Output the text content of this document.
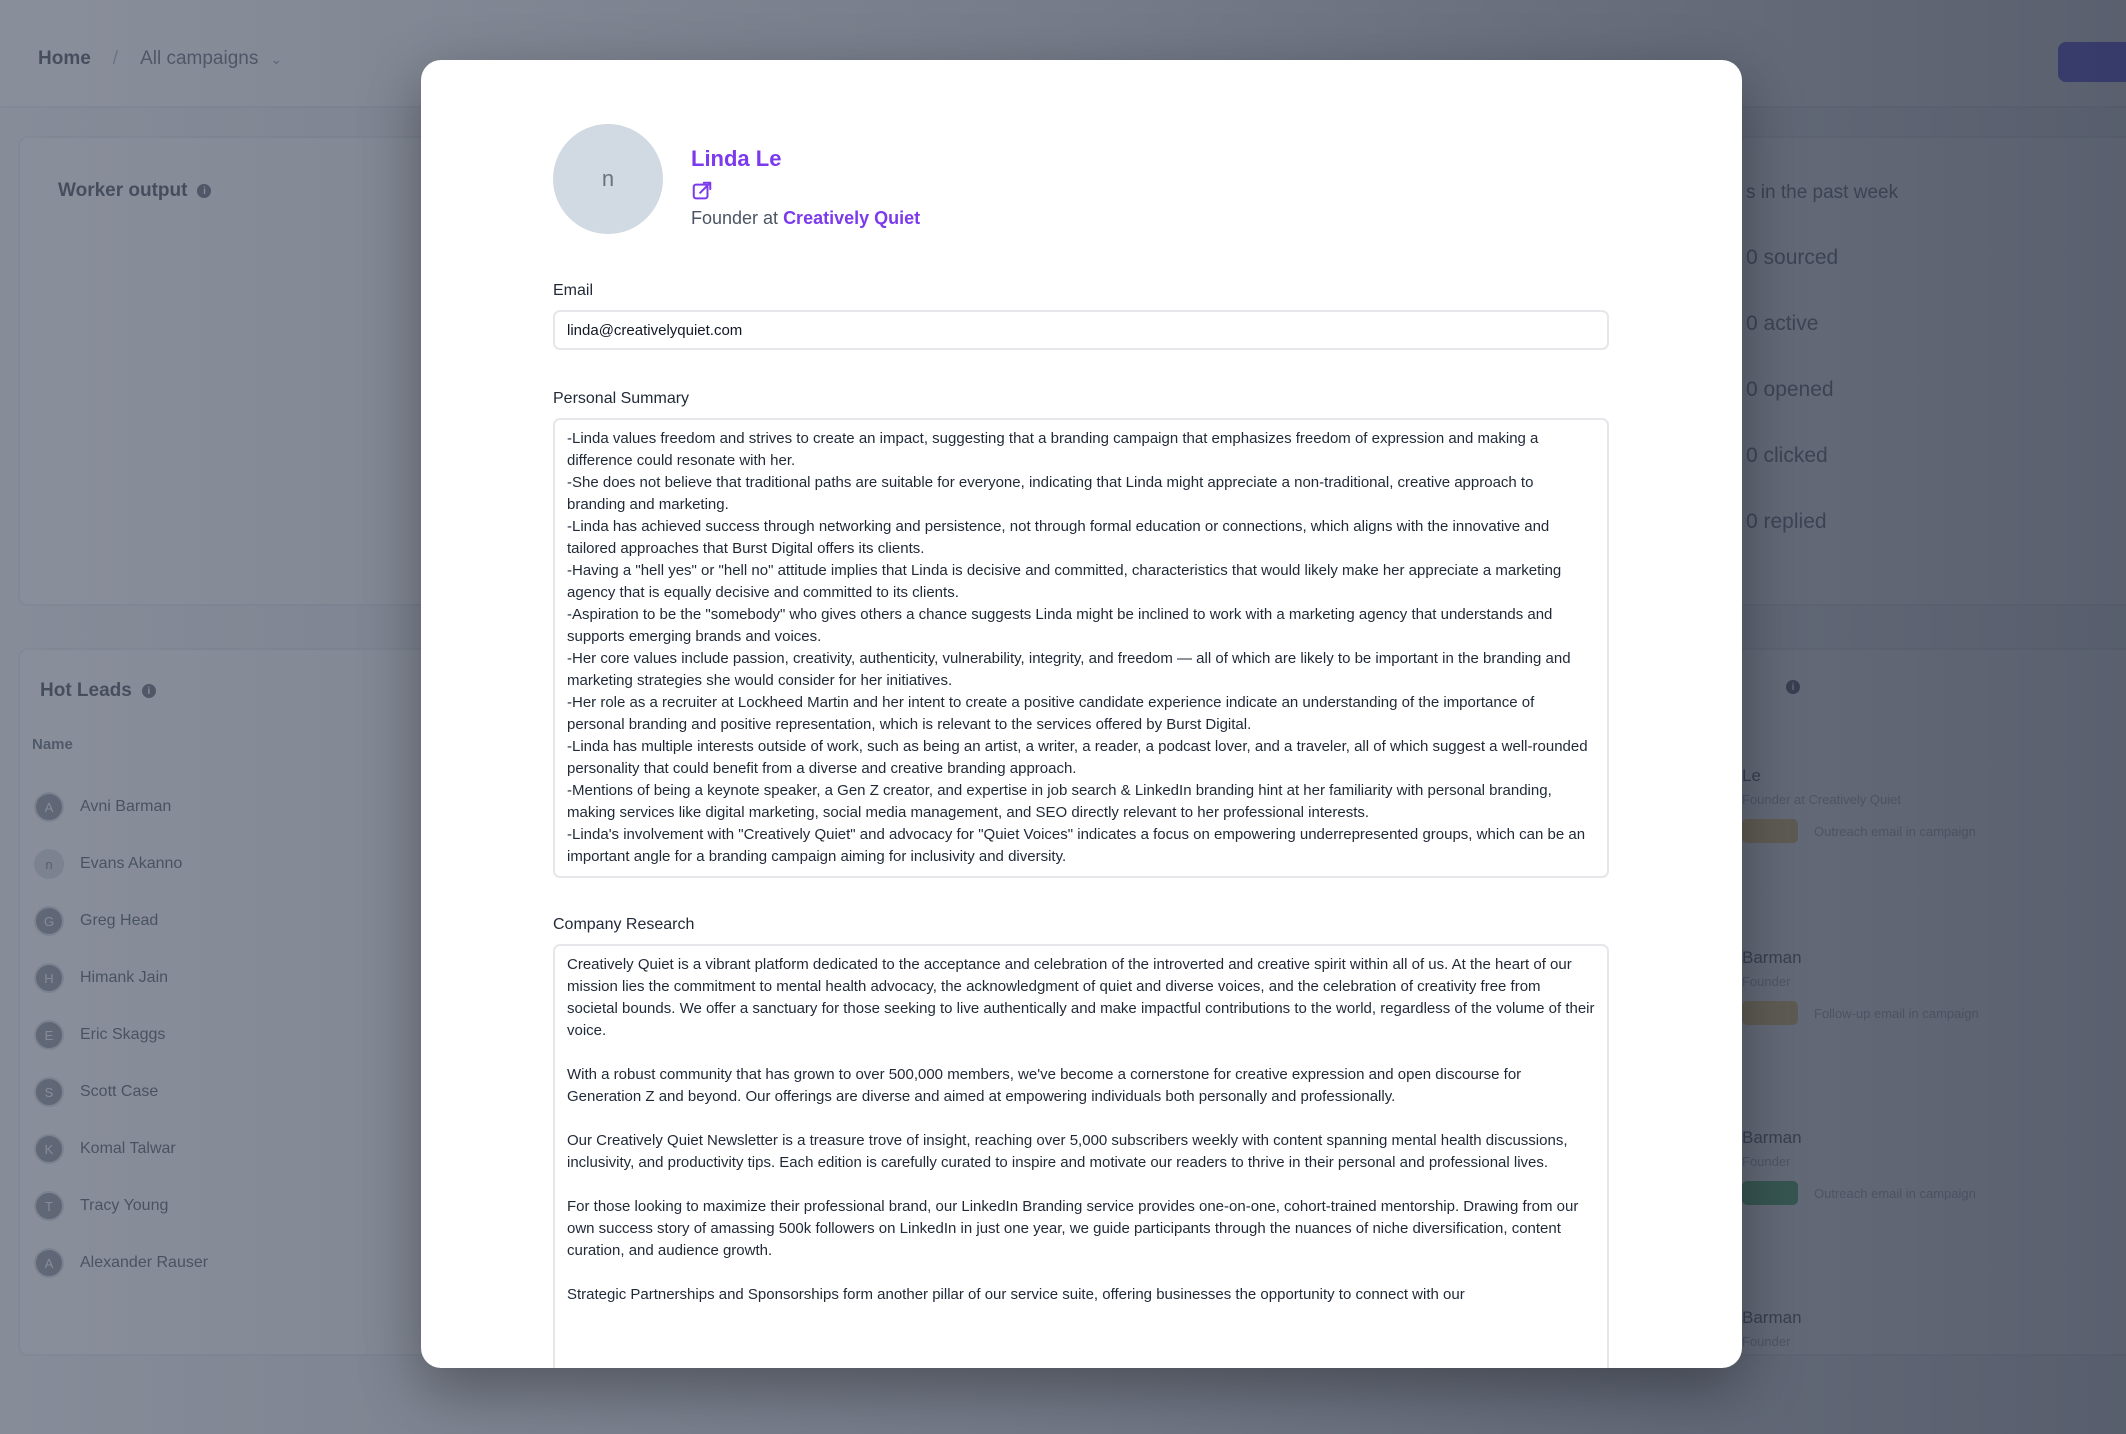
n
Linda Le
Founder at Creatively Quiet
Email
linda@creativelyquiet.com
Personal Summary
-Linda values freedom and strives to create an impact, suggesting that a branding campaign that emphasizes freedom of expression and making a difference could resonate with her.
-She does not believe that traditional paths are suitable for everyone, indicating that Linda might appreciate a non-traditional, creative approach to branding and marketing.
-Linda has achieved success through networking and persistence, not through formal education or connections, which aligns with the innovative and tailored approaches that Burst Digital offers its clients.
-Having a "hell yes" or "hell no" attitude implies that Linda is decisive and committed, characteristics that would likely make her appreciate a marketing agency that is equally decisive and committed to its clients.
-Aspiration to be the "somebody" who gives others a chance suggests Linda might be inclined to work with a marketing agency that understands and supports emerging brands and voices.
-Her core values include passion, creativity, authenticity, vulnerability, integrity, and freedom — all of which are likely to be important in the branding and marketing strategies she would consider for her initiatives.
-Her role as a recruiter at Lockheed Martin and her intent to create a positive candidate experience indicate an understanding of the importance of personal branding and positive representation, which is relevant to the services offered by Burst Digital.
-Linda has multiple interests outside of work, such as being an artist, a writer, a reader, a podcast lover, and a traveler, all of which suggest a well-rounded personality that could benefit from a diverse and creative branding approach.
-Mentions of being a keynote speaker, a Gen Z creator, and expertise in job search & LinkedIn branding hint at her familiarity with personal branding, making services like digital marketing, social media management, and SEO directly relevant to her professional interests.
-Linda's involvement with "Creatively Quiet" and advocacy for "Quiet Voices" indicates a focus on empowering underrepresented groups, which can be an important angle for a branding campaign aiming for inclusivity and diversity.
Company Research
Creatively Quiet is a vibrant platform dedicated to the acceptance and celebration of the introverted and creative spirit within all of us. At the heart of our mission lies the commitment to mental health advocacy, the acknowledgment of quiet and diverse voices, and the celebration of creativity free from societal bounds. We offer a sanctuary for those seeking to live authentically and make impactful contributions to the world, regardless of the volume of their voice.
With a robust community that has grown to over 500,000 members, we've become a cornerstone for creative expression and open discourse for Generation Z and beyond. Our offerings are diverse and aimed at empowering individuals both personally and professionally.
Our Creatively Quiet Newsletter is a treasure trove of insight, reaching over 5,000 subscribers weekly with content spanning mental health discussions, inclusivity, and productivity tips. Each edition is carefully curated to inspire and motivate our readers to thrive in their personal and professional lives.
For those looking to maximize their professional brand, our LinkedIn Branding service provides one-on-one, cohort-trained mentorship. Drawing from our own success story of amassing 500k followers on LinkedIn in just one year, we guide participants through the nuances of niche diversification, content curation, and audience growth.
Strategic Partnerships and Sponsorships form another pillar of our service suite, offering businesses the opportunity to connect with our
